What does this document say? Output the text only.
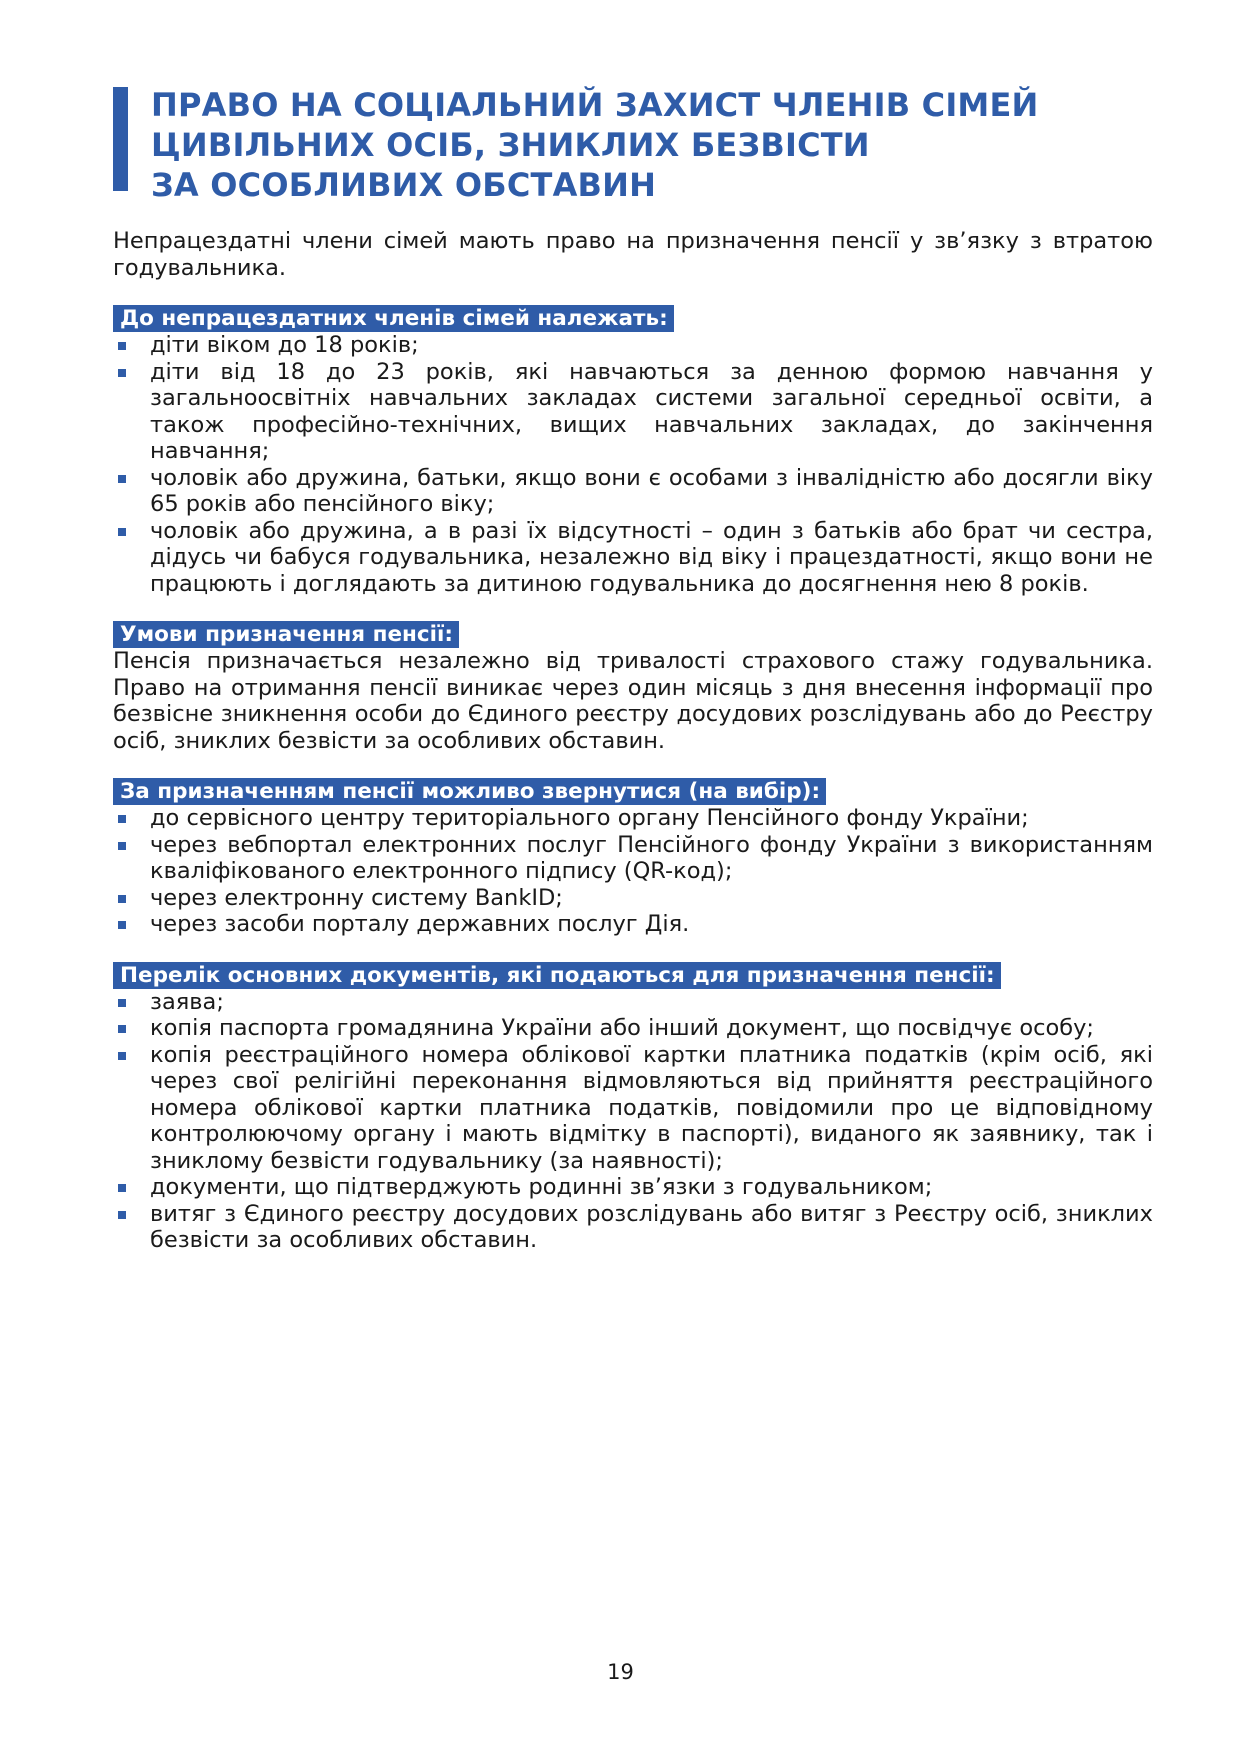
ПРАВО НА СОЦІАЛЬНИЙ ЗАХИСТ ЧЛЕНІВ СІМЕЙ
ЦИВІЛЬНИХ ОСІБ, ЗНИКЛИХ БЕЗВІСТИ
ЗА ОСОБЛИВИХ ОБСТАВИН

Непрацездатні члени сімей мають право на призначення пенсії у зв’язку з втратою годувальника.

До непрацездатних членів сімей належать:
діти віком до 18 років;
діти від 18 до 23 років, які навчаються за денною формою навчання у загальноосвітніх навчальних закладах системи загальної середньої освіти, а також професійно-технічних, вищих навчальних закладах, до закінчення навчання;
чоловік або дружина, батьки, якщо вони є особами з інвалідністю або досягли віку 65 років або пенсійного віку;
чоловік або дружина, а в разі їх відсутності – один з батьків або брат чи сестра, дідусь чи бабуся годувальника, незалежно від віку і працездатності, якщо вони не працюють і доглядають за дитиною годувальника до досягнення нею 8 років.
Умови призначення пенсії:

Пенсія призначається незалежно від тривалості страхового стажу годувальника. Право на отримання пенсії виникає через один місяць з дня внесення інформації про безвісне зникнення особи до Єдиного реєстру досудових розслідувань або до Реєстру осіб, зниклих безвісти за особливих обставин.

За призначенням пенсії можливо звернутися (на вибір):
до сервісного центру територіального органу Пенсійного фонду України;
через вебпортал електронних послуг Пенсійного фонду України з використанням кваліфікованого електронного підпису (QR-код);
через електронну систему BankID;
через засоби порталу державних послуг Дія.
Перелік основних документів, які подаються для призначення пенсії:
заява;
копія паспорта громадянина України або інший документ, що посвідчує особу;
копія реєстраційного номера облікової картки платника податків (крім осіб, які через свої релігійні переконання відмовляються від прийняття реєстраційного номера облікової картки платника податків, повідомили про це відповідному контролюючому органу і мають відмітку в паспорті), виданого як заявнику, так і зниклому безвісти годувальнику (за наявності);
документи, що підтверджують родинні зв’язки з годувальником;
витяг з Єдиного реєстру досудових розслідувань або витяг з Реєстру осіб, зниклих безвісти за особливих обставин.
19
